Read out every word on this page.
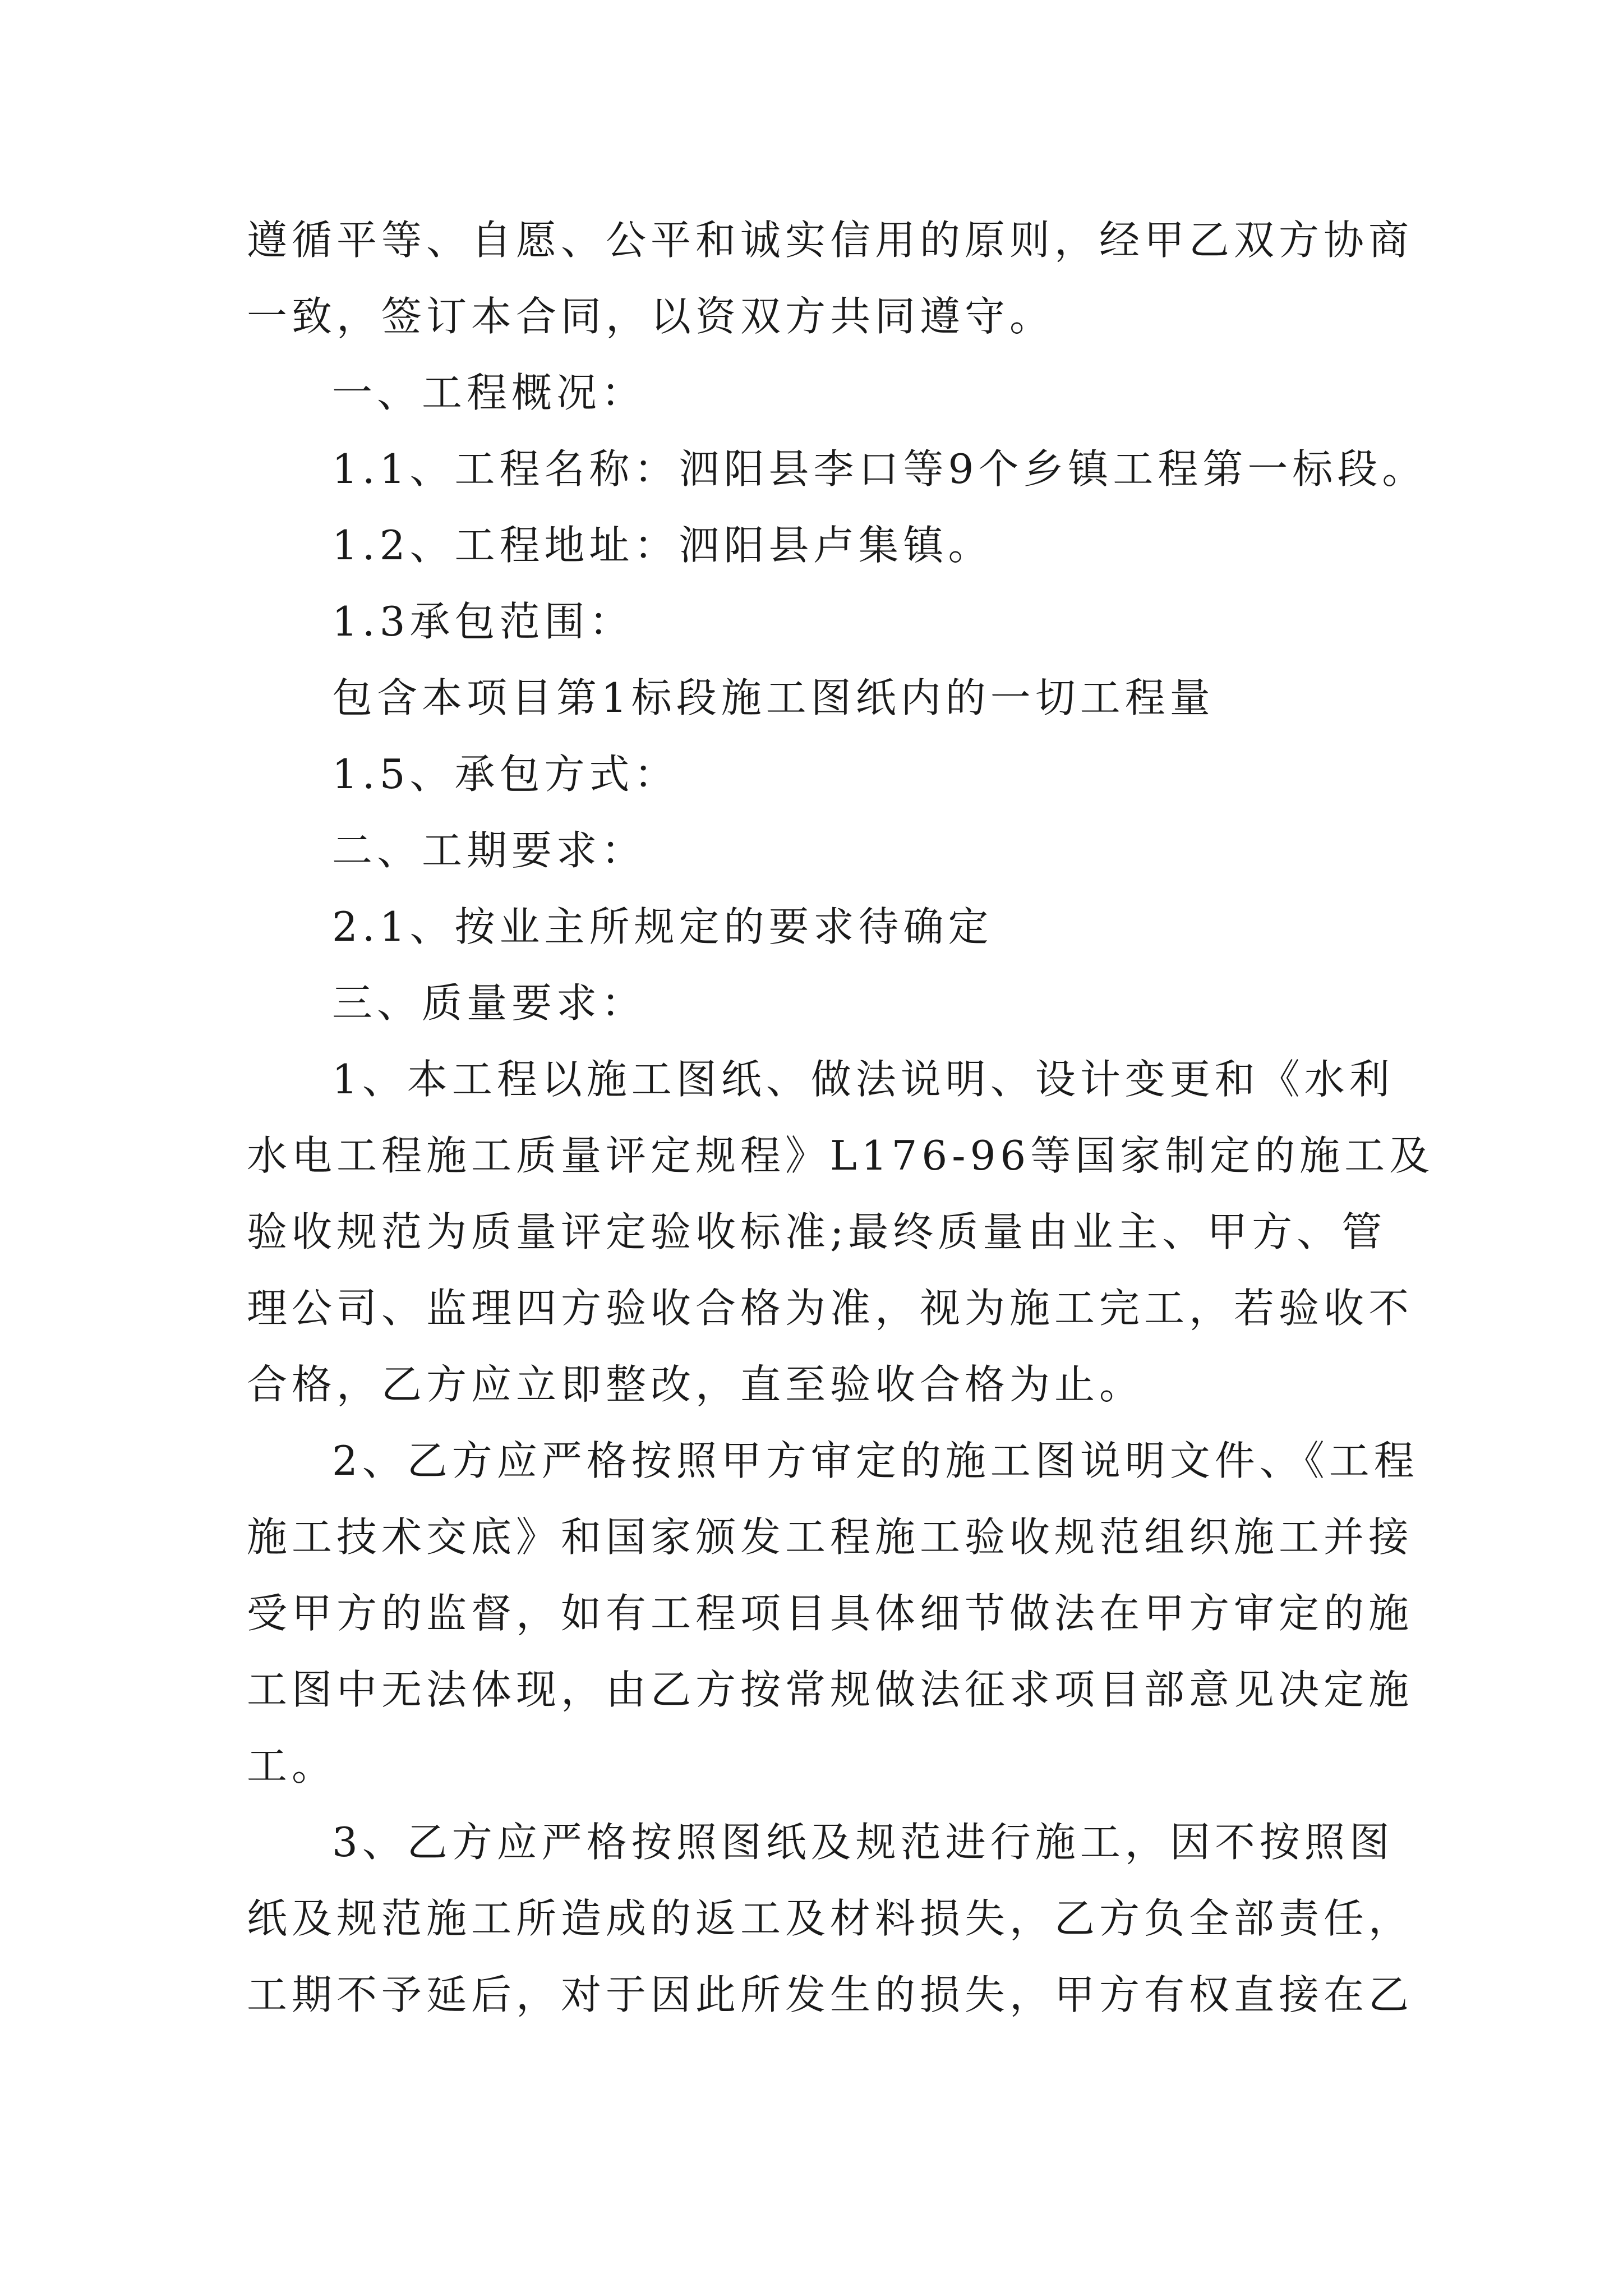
遵循平等、自愿、公平和诚实信用的原则，经甲乙双方协商
一致，签订本合同，以资双方共同遵守。
一、工程概况：
1.1、工程名称：泗阳县李口等9个乡镇工程第一标段。
1.2、工程地址：泗阳县卢集镇。
1.3承包范围：
包含本项目第1标段施工图纸内的一切工程量
1.5、承包方式：
二、工期要求：
2.1、按业主所规定的要求待确定
三、质量要求：
1、本工程以施工图纸、做法说明、设计变更和《水利
水电工程施工质量评定规程》L176-96等国家制定的施工及
验收规范为质量评定验收标准;最终质量由业主、甲方、管
理公司、监理四方验收合格为准，视为施工完工，若验收不
合格，乙方应立即整改，直至验收合格为止。
2、乙方应严格按照甲方审定的施工图说明文件、《工程
施工技术交底》和国家颁发工程施工验收规范组织施工并接
受甲方的监督，如有工程项目具体细节做法在甲方审定的施
工图中无法体现，由乙方按常规做法征求项目部意见决定施
工。
3、乙方应严格按照图纸及规范进行施工，因不按照图
纸及规范施工所造成的返工及材料损失，乙方负全部责任，
工期不予延后，对于因此所发生的损失，甲方有权直接在乙
